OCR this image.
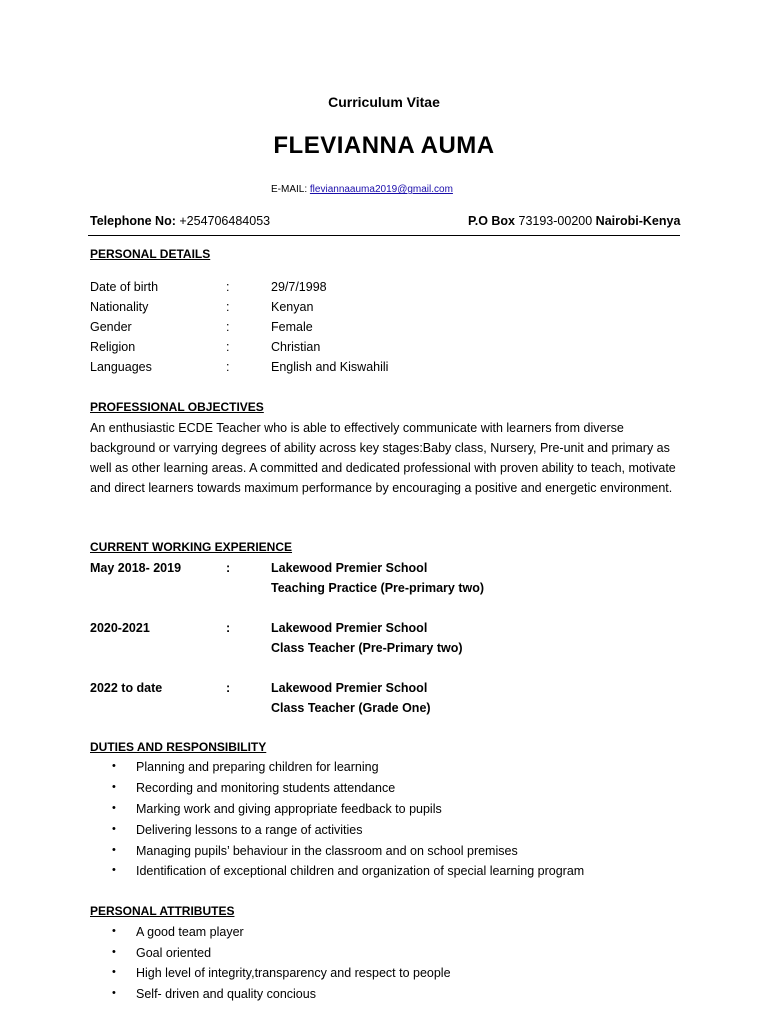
Curriculum Vitae
FLEVIANNA AUMA
E-MAIL: fleviannaauma2019@gmail.com
Telephone No: +254706484053	P.O Box 73193-00200 Nairobi-Kenya
PERSONAL DETAILS
Date of birth	:	29/7/1998
Nationality	:	Kenyan
Gender	:	Female
Religion	:	Christian
Languages	:	English and Kiswahili
PROFESSIONAL OBJECTIVES
An enthusiastic ECDE Teacher who is able to effectively communicate with learners from diverse background or varrying degrees of ability across key stages:Baby class, Nursery, Pre-unit and primary as well as other learning areas. A committed and dedicated professional with proven ability to teach, motivate and direct learners towards maximum performance by encouraging a positive and energetic environment.
CURRENT WORKING EXPERIENCE
May 2018- 2019	:	Lakewood Premier School
Teaching Practice (Pre-primary two)
2020-2021	:	Lakewood Premier School
Class Teacher (Pre-Primary two)
2022 to date	:	Lakewood Premier School
Class Teacher (Grade One)
DUTIES AND RESPONSIBILITY
• Planning and preparing children for learning
• Recording and monitoring students attendance
• Marking work and giving appropriate feedback to pupils
• Delivering lessons to a range of activities
• Managing pupils’ behaviour in the classroom and on school premises
• Identification of exceptional children and organization of special learning program
PERSONAL ATTRIBUTES
• A good team player
• Goal oriented
• High level of integrity,transparency and respect to people
• Self- driven and quality concious
